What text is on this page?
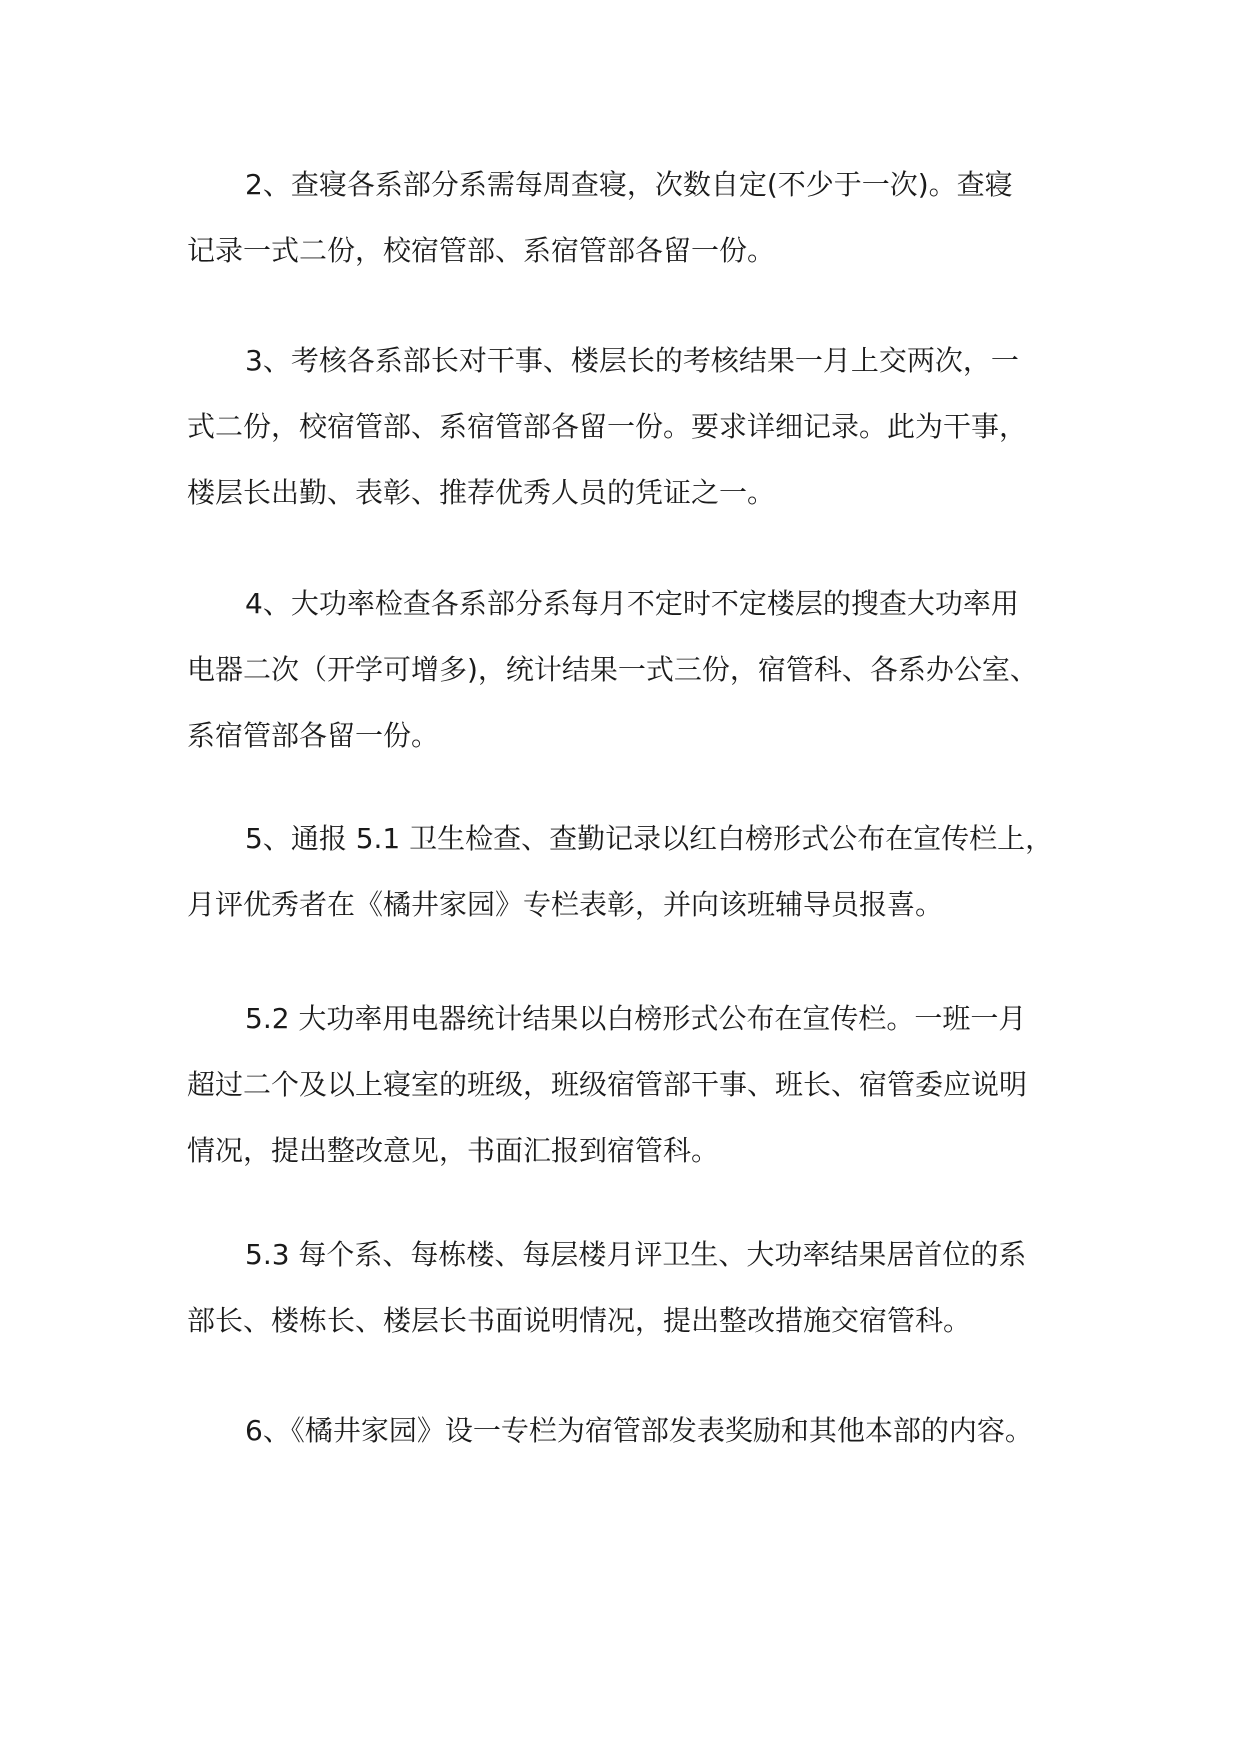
2、查寝各系部分系需每周查寝，次数自定(不少于一次)。查寝
记录一式二份，校宿管部、系宿管部各留一份。
3、考核各系部长对干事、楼层长的考核结果一月上交两次，一
式二份，校宿管部、系宿管部各留一份。要求详细记录。此为干事，
楼层长出勤、表彰、推荐优秀人员的凭证之一。
4、大功率检查各系部分系每月不定时不定楼层的搜查大功率用
电器二次（开学可增多)，统计结果一式三份，宿管科、各系办公室、
系宿管部各留一份。
5、通报 5.1 卫生检查、查勤记录以红白榜形式公布在宣传栏上，
月评优秀者在《橘井家园》专栏表彰，并向该班辅导员报喜。
5.2 大功率用电器统计结果以白榜形式公布在宣传栏。一班一月
超过二个及以上寝室的班级，班级宿管部干事、班长、宿管委应说明
情况，提出整改意见，书面汇报到宿管科。
5.3 每个系、每栋楼、每层楼月评卫生、大功率结果居首位的系
部长、楼栋长、楼层长书面说明情况，提出整改措施交宿管科。
6、《橘井家园》设一专栏为宿管部发表奖励和其他本部的内容。
